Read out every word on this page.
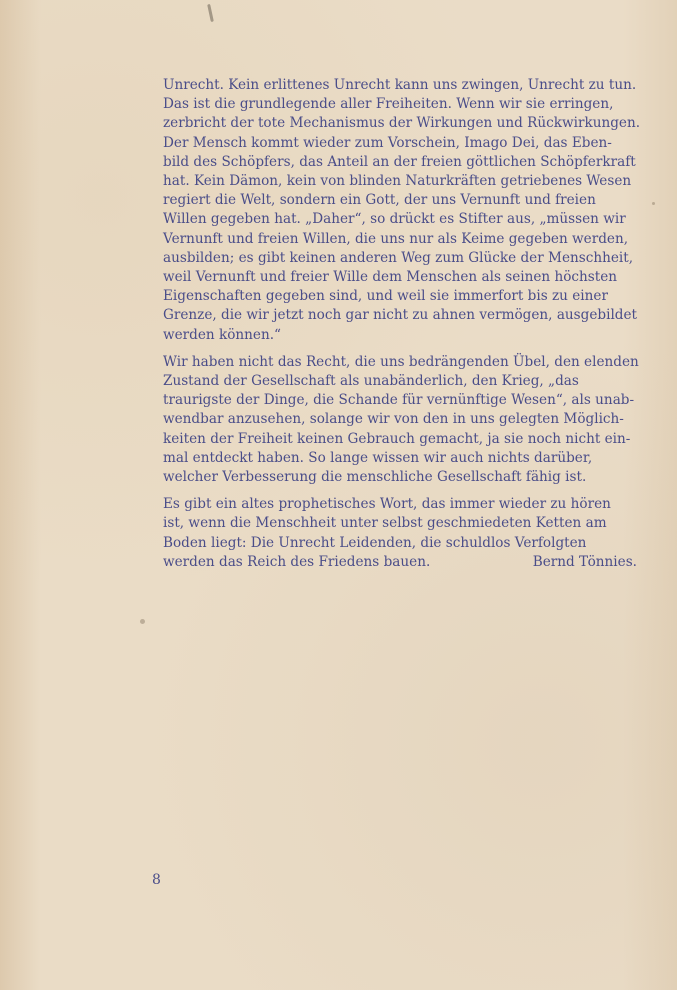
Unrecht. Kein erlittenes Unrecht kann uns zwingen, Unrecht zu tun.
Das ist die grundlegende aller Freiheiten. Wenn wir sie erringen,
zerbricht der tote Mechanismus der Wirkungen und Rückwirkungen.
Der Mensch kommt wieder zum Vorschein, Imago Dei, das Eben-
bild des Schöpfers, das Anteil an der freien göttlichen Schöpferkraft
hat. Kein Dämon, kein von blinden Naturkräften getriebenes Wesen
regiert die Welt, sondern ein Gott, der uns Vernunft und freien
Willen gegeben hat. „Daher“, so drückt es Stifter aus, „müssen wir
Vernunft und freien Willen, die uns nur als Keime gegeben werden,
ausbilden; es gibt keinen anderen Weg zum Glücke der Menschheit,
weil Vernunft und freier Wille dem Menschen als seinen höchsten
Eigenschaften gegeben sind, und weil sie immerfort bis zu einer
Grenze, die wir jetzt noch gar nicht zu ahnen vermögen, ausgebildet
werden können.“
Wir haben nicht das Recht, die uns bedrängenden Übel, den elenden
Zustand der Gesellschaft als unabänderlich, den Krieg, „das
traurigste der Dinge, die Schande für vernünftige Wesen“, als unab-
wendbar anzusehen, solange wir von den in uns gelegten Möglich-
keiten der Freiheit keinen Gebrauch gemacht, ja sie noch nicht ein-
mal entdeckt haben. So lange wissen wir auch nichts darüber,
welcher Verbesserung die menschliche Gesellschaft fähig ist.
Es gibt ein altes prophetisches Wort, das immer wieder zu hören
ist, wenn die Menschheit unter selbst geschmiedeten Ketten am
Boden liegt: Die Unrecht Leidenden, die schuldlos Verfolgten
werden das Reich des Friedens bauen.	Bernd Tönnies.
8
